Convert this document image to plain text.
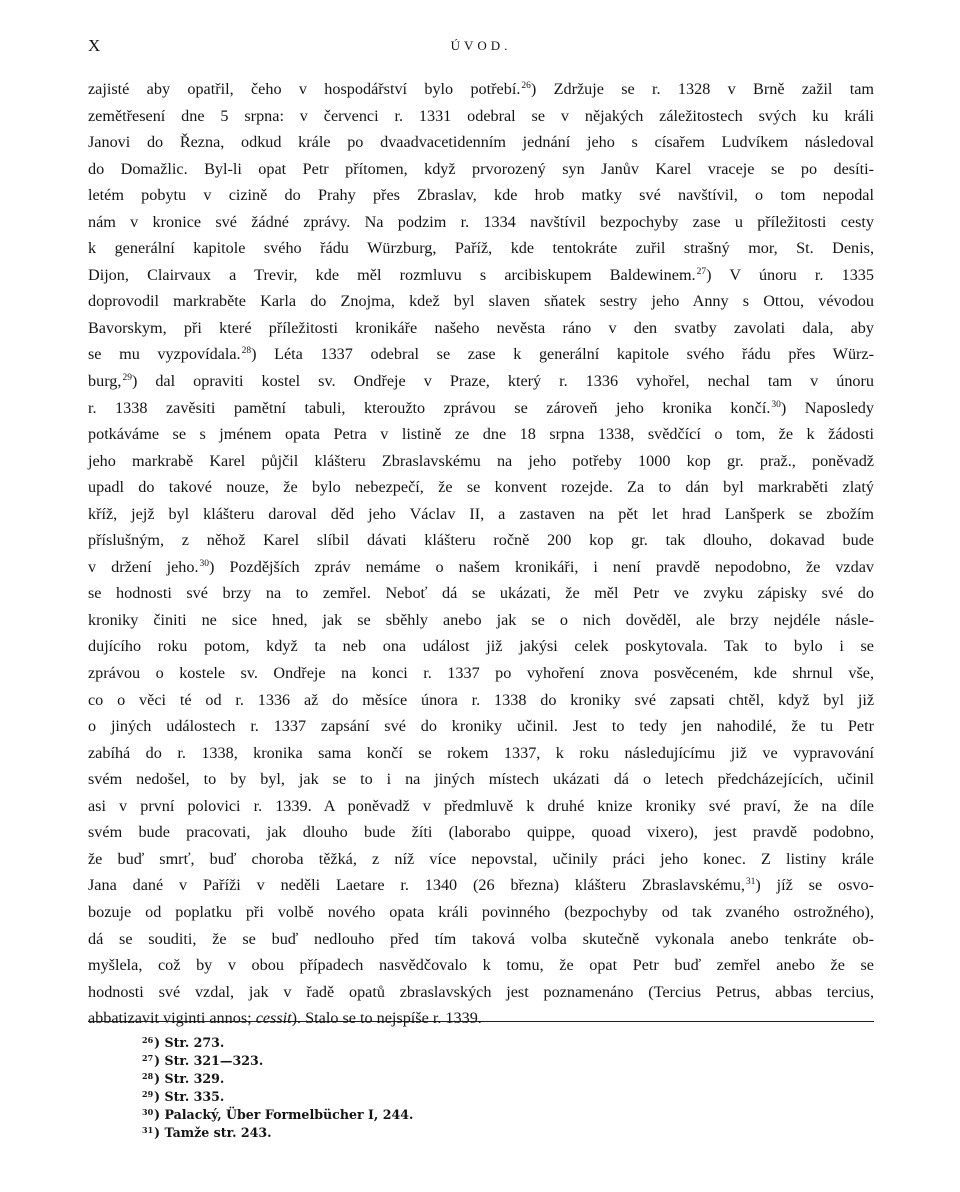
X	ÚVOD.
zajisté aby opatřil, čeho v hospodářství bylo potřebí.$^{26}$) Zdržuje se r. 1328 v Brně zažil tam
zemětřesení dne 5 srpna: v červenci r. 1331 odebral se v nějakých záležitostech svých ku králi
Janovi do Řezna, odkud krále po dvaadvacetidenním jednání jeho s císařem Ludvíkem následoval
do Domažlic. Byl-li opat Petr přítomen, když prvorozený syn Janův Karel vraceje se po desíti-
letém pobytu v cizině do Prahy přes Zbraslav, kde hrob matky své navštívil, o tom nepodal
nám v kronice své žádné zprávy. Na podzim r. 1334 navštívil bezpochyby zase u příležitosti cesty
k generální kapitole svého řádu Würzburg, Paříž, kde tentokráte zuřil strašný mor, St. Denis,
Dijon, Clairvaux a Trevir, kde měl rozmluvu s arcibiskupem Baldewinem.$^{27}$) V únoru r. 1335
doprovodil markraběte Karla do Znojma, kdež byl slaven sňatek sestry jeho Anny s Ottou, vévodou
Bavorskym, při které příležitosti kronikáře našeho nevěsta ráno v den svatby zavolati dala, aby
se mu vyzpovídala.$^{28}$) Léta 1337 odebral se zase k generální kapitole svého řádu přes Würz-
burg,$^{29}$) dal opraviti kostel sv. Ondřeje v Praze, který r. 1336 vyhořel, nechal tam v únoru
r. 1338 zavěsiti pamětní tabuli, kteroužto zprávou se zároveň jeho kronika končí.$^{30}$) Naposledy
potkáváme se s jménem opata Petra v listině ze dne 18 srpna 1338, svědčící o tom, že k žádosti
jeho markrabě Karel půjčil klášteru Zbraslavskému na jeho potřeby 1000 kop gr. praž., poněvadž
upadl do takové nouze, že bylo nebezpečí, že se konvent rozejde. Za to dán byl markraběti zlatý
kříž, jejž byl klášteru daroval děd jeho Václav II, a zastaven na pět let hrad Lanšperk se zbožím
příslušným, z něhož Karel slíbil dávati klášteru ročně 200 kop gr. tak dlouho, dokavad bude
v držení jeho.$^{30}$) Pozdějších zpráv nemáme o našem kronikáři, i není pravdě nepodobno, že vzdav
se hodnosti své brzy na to zemřel. Neboť dá se ukázati, že měl Petr ve zvyku zápisky své do
kroniky činiti ne sice hned, jak se sběhly anebo jak se o nich dověděl, ale brzy nejdéle násle-
dujícího roku potom, když ta neb ona událost již jakýsi celek poskytovala. Tak to bylo i se
zprávou o kostele sv. Ondřeje na konci r. 1337 po vyhoření znova posvěceném, kde shrnul vše,
co o věci té od r. 1336 až do měsíce února r. 1338 do kroniky své zapsati chtěl, když byl již
o jiných událostech r. 1337 zapsání své do kroniky učinil. Jest to tedy jen nahodilé, že tu Petr
zabíhá do r. 1338, kronika sama končí se rokem 1337, k roku následujícímu již ve vypravování
svém nedošel, to by byl, jak se to i na jiných místech ukázati dá o letech předcházejících, učinil
asi v první polovici r. 1339. A poněvadž v předmluvě k druhé knize kroniky své praví, že na díle
svém bude pracovati, jak dlouho bude žíti (laborabo quippe, quoad vixero), jest pravdě podobno,
že buď smrť, buď choroba těžká, z níž více nepovstal, učinily práci jeho konec. Z listiny krále
Jana dané v Paříži v neděli Laetare r. 1340 (26 března) klášteru Zbraslavskému,$^{31}$) jíž se osvo-
bozuje od poplatku při volbě nového opata králi povinného (bezpochyby od tak zvaného ostrožného),
dá se souditi, že se buď nedlouho před tím taková volba skutečně vykonala anebo tenkráte ob-
myšlela, což by v obou případech nasvědčovalo k tomu, že opat Petr buď zemřel anebo že se
hodnosti své vzdal, jak v řadě opatů zbraslavských jest poznamenáno (Tercius Petrus, abbas tercius,
abbatizavit viginti annos; cessit). Stalo se to nejspíše r. 1339.
$^{26}$) Str. 273.
$^{27}$) Str. 321—323.
$^{28}$) Str. 329.
$^{29}$) Str. 335.
$^{30}$) Palacký, Über Formelbücher I, 244.
$^{31}$) Tamže str. 243.
